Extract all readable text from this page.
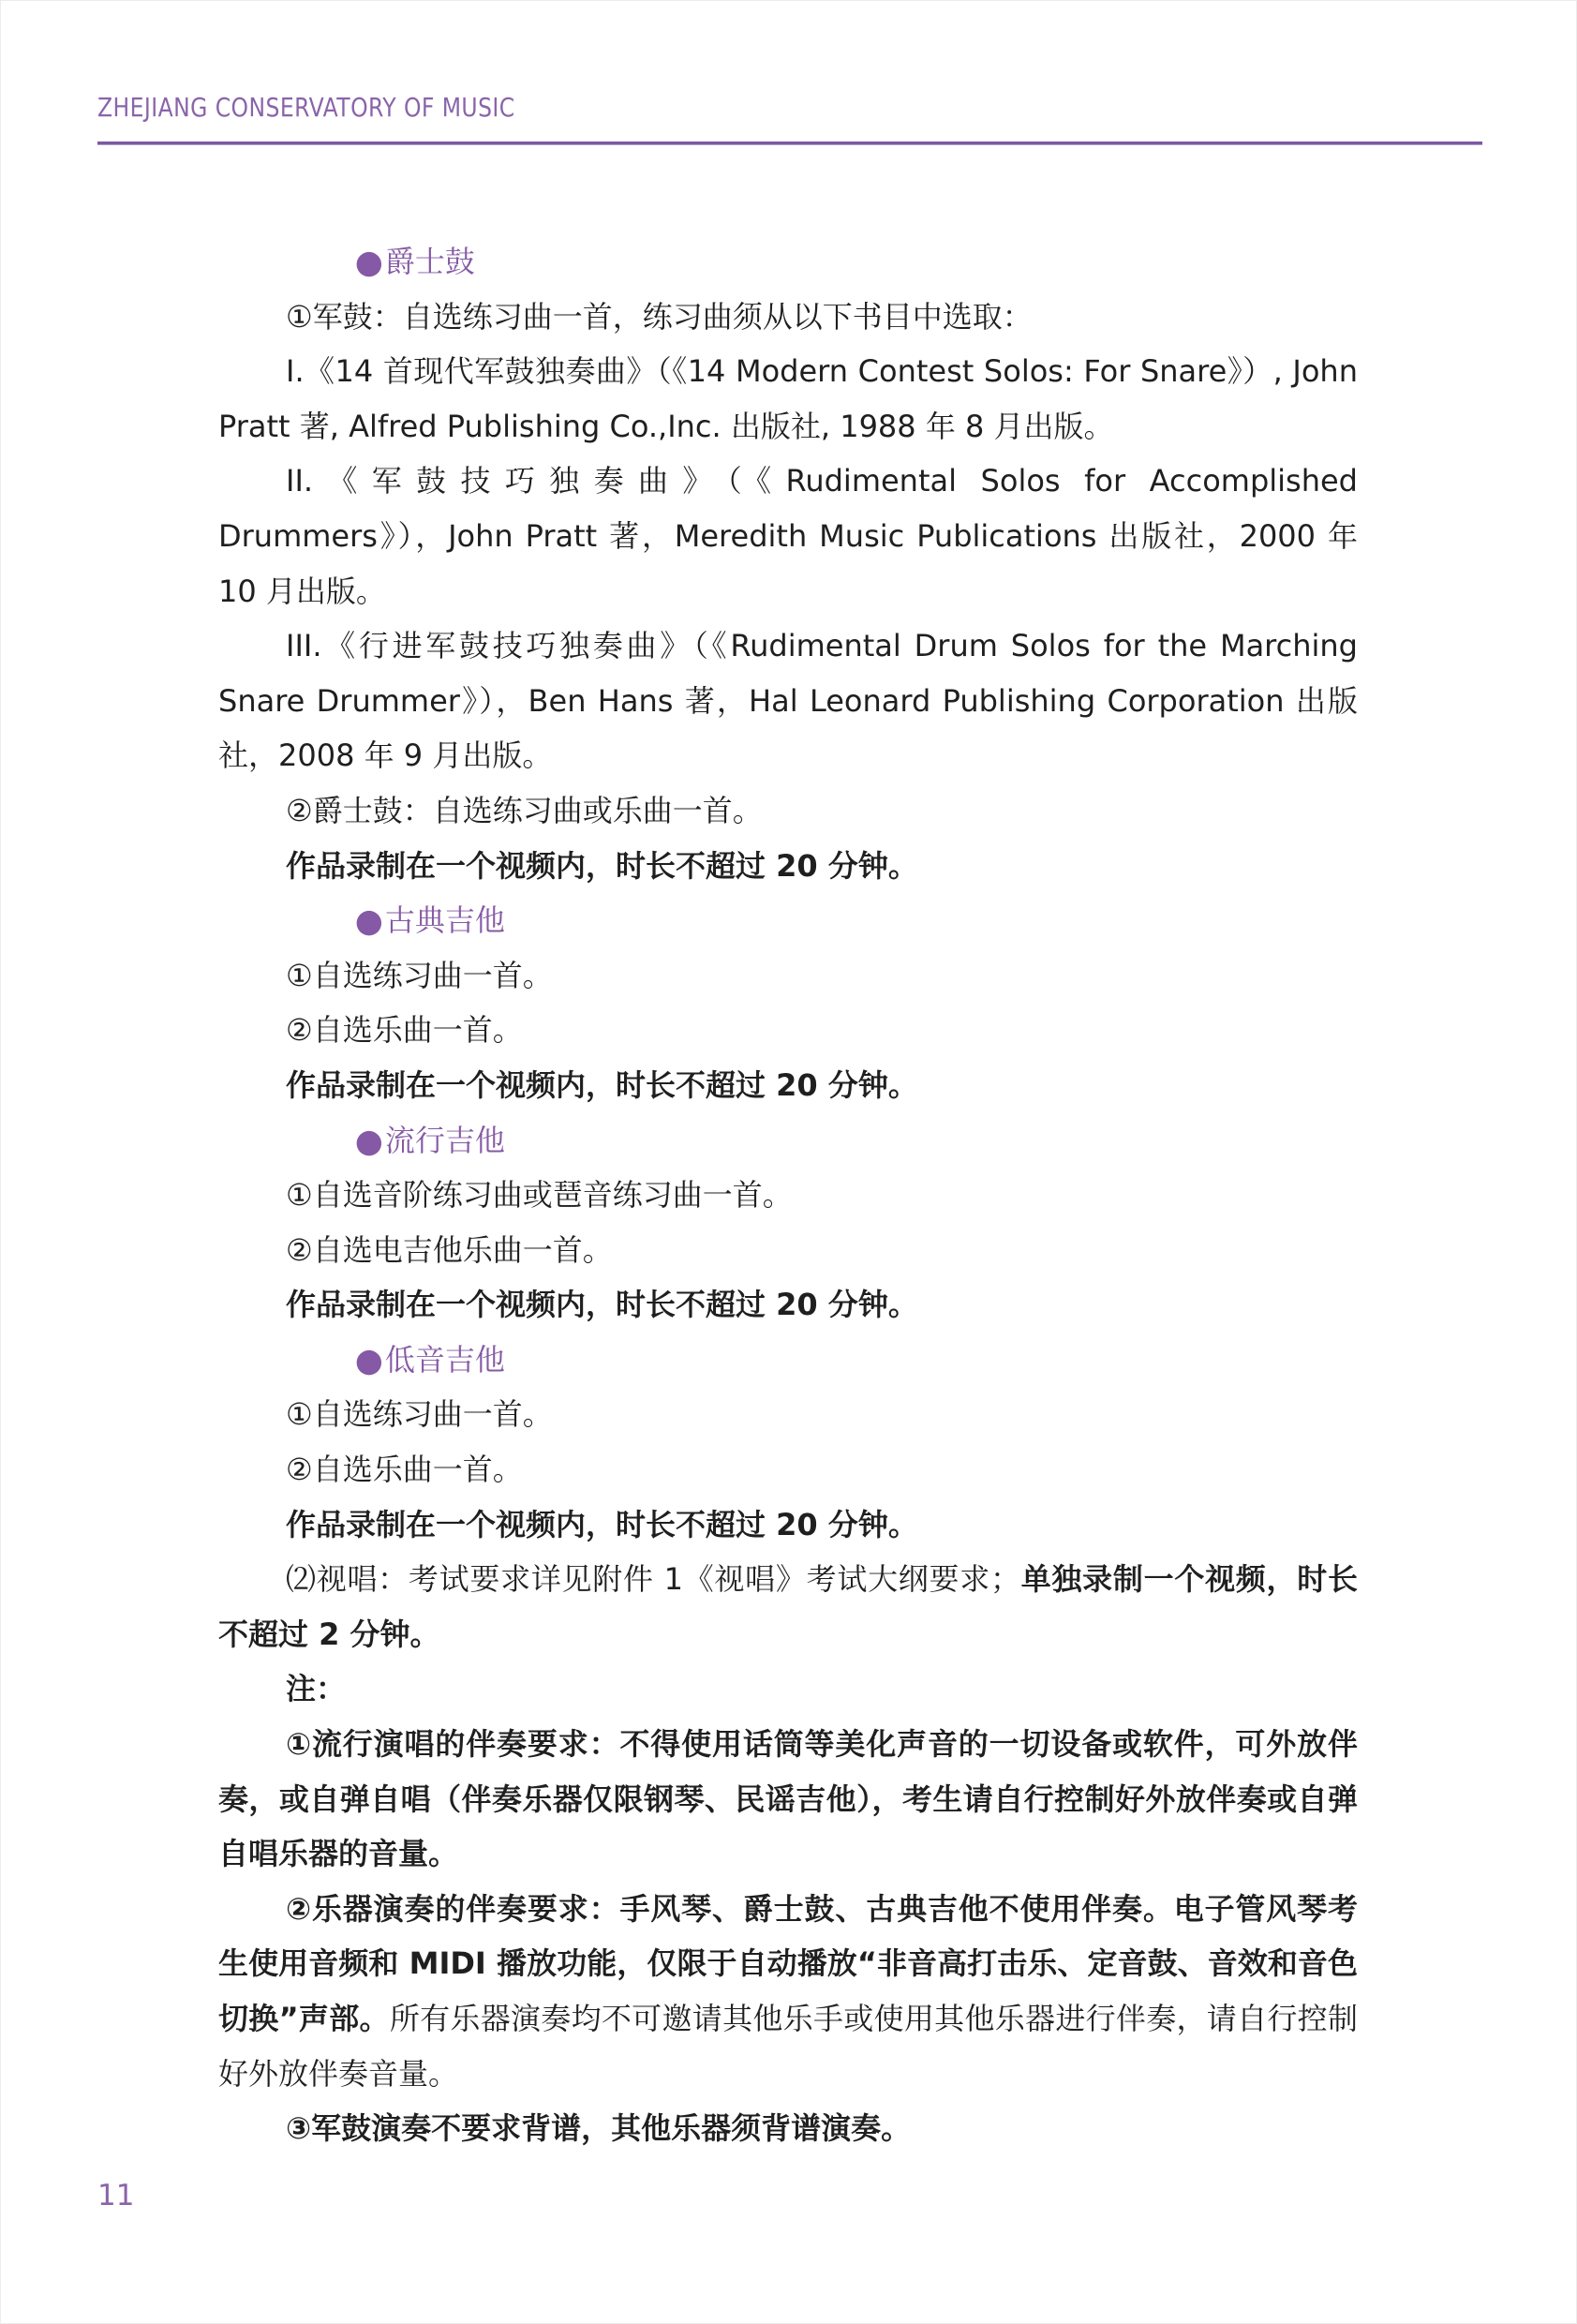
ZHEJIANG CONSERVATORY OF MUSIC

●爵士鼓

①军鼓：自选练习曲一首，练习曲须从以下书目中选取：

I.《14 首现代军鼓独奏曲》（《14 Modern Contest Solos: For Snare》）, John Pratt 著, Alfred Publishing Co.,Inc. 出版社, 1988 年 8 月出版。

II.《军鼓技巧独奏曲》（《Rudimental Solos for Accomplished Drummers》），John Pratt 著，Meredith Music Publications 出版社，2000 年 10 月出版。

III.《行进军鼓技巧独奏曲》（《Rudimental Drum Solos for the Marching Snare Drummer》），Ben Hans 著，Hal Leonard Publishing Corporation 出版社，2008 年 9 月出版。

②爵士鼓：自选练习曲或乐曲一首。

作品录制在一个视频内，时长不超过 20 分钟。

●古典吉他

①自选练习曲一首。

②自选乐曲一首。

作品录制在一个视频内，时长不超过 20 分钟。

●流行吉他

①自选音阶练习曲或琶音练习曲一首。

②自选电吉他乐曲一首。

作品录制在一个视频内，时长不超过 20 分钟。

●低音吉他

①自选练习曲一首。

②自选乐曲一首。

作品录制在一个视频内，时长不超过 20 分钟。

⑵视唱：考试要求详见附件 1《视唱》考试大纲要求；单独录制一个视频，时长不超过 2 分钟。

注：

①流行演唱的伴奏要求：不得使用话筒等美化声音的一切设备或软件，可外放伴奏，或自弹自唱（伴奏乐器仅限钢琴、民谣吉他），考生请自行控制好外放伴奏或自弹自唱乐器的音量。

②乐器演奏的伴奏要求：手风琴、爵士鼓、古典吉他不使用伴奏。电子管风琴考生使用音频和 MIDI 播放功能，仅限于自动播放“非音高打击乐、定音鼓、音效和音色切换”声部。所有乐器演奏均不可邀请其他乐手或使用其他乐器进行伴奏，请自行控制好外放伴奏音量。

③军鼓演奏不要求背谱，其他乐器须背谱演奏。

11
